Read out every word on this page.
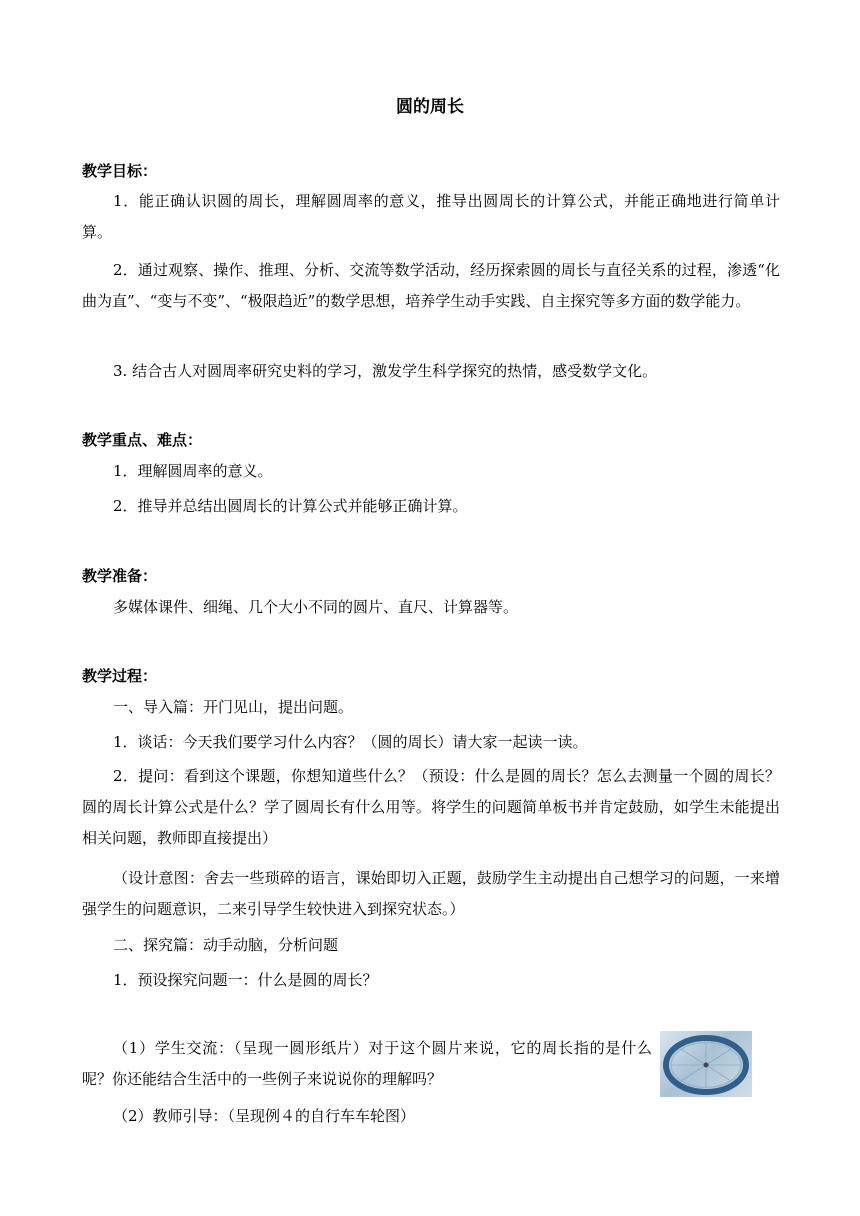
圆的周长
教学目标：

1．能正确认识圆的周长，理解圆周率的意义，推导出圆周长的计算公式，并能正确地进行简单计算。

2．通过观察、操作、推理、分析、交流等数学活动，经历探索圆的周长与直径关系的过程，渗透“化曲为直”、“变与不变”、“极限趋近”的数学思想，培养学生动手实践、自主探究等多方面的数学能力。

3. 结合古人对圆周率研究史料的学习，激发学生科学探究的热情，感受数学文化。

教学重点、难点：

1．理解圆周率的意义。

2．推导并总结出圆周长的计算公式并能够正确计算。

教学准备：

多媒体课件、细绳、几个大小不同的圆片、直尺、计算器等。

教学过程：

一、导入篇：开门见山，提出问题。

1．谈话：今天我们要学习什么内容？（圆的周长）请大家一起读一读。

2．提问：看到这个课题，你想知道些什么？（预设：什么是圆的周长？怎么去测量一个圆的周长？圆的周长计算公式是什么？学了圆周长有什么用等。将学生的问题简单板书并肯定鼓励，如学生未能提出相关问题，教师即直接提出）

（设计意图：舍去一些琐碎的语言，课始即切入正题，鼓励学生主动提出自己想学习的问题，一来增强学生的问题意识，二来引导学生较快进入到探究状态。）

二、探究篇：动手动脑，分析问题

1．预设探究问题一：什么是圆的周长？

（1）学生交流：（呈现一圆形纸片）对于这个圆片来说，它的周长指的是什么呢？你还能结合生活中的一些例子来说说你的理解吗？

（2）教师引导：（呈现例４的自行车车轮图）
